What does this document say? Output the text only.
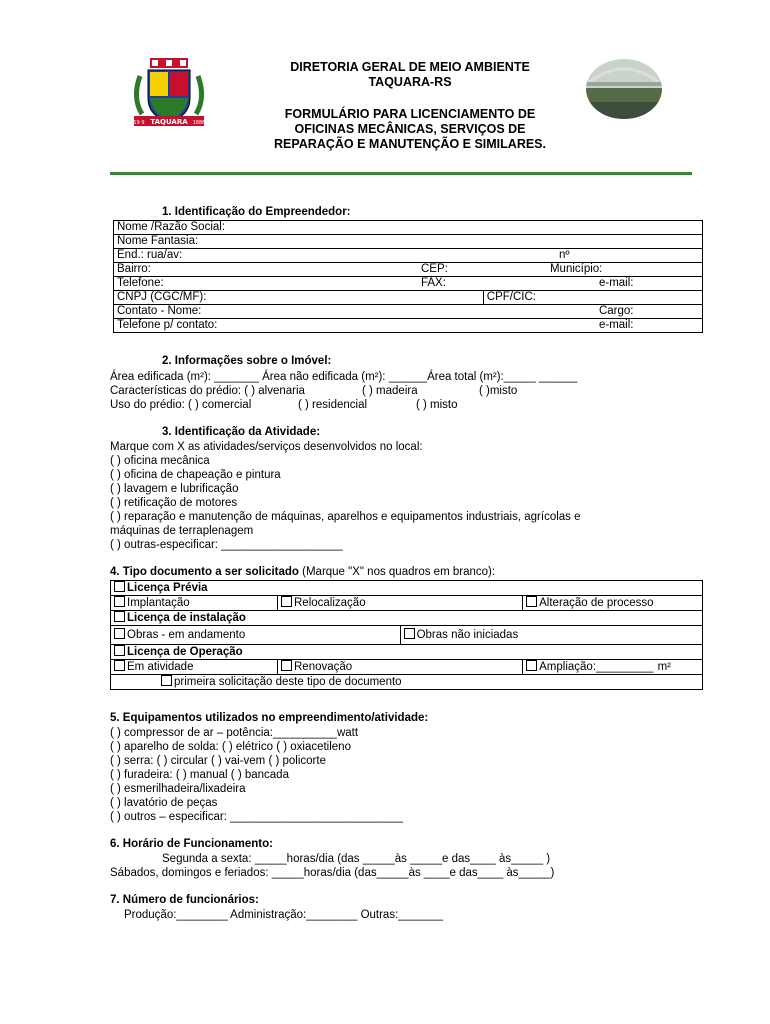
TAQUARA
19 9	1886
DIRETORIA GERAL DE MEIO AMBIENTE
TAQUARA-RS
FORMULÁRIO PARA LICENCIAMENTO DE
OFICINAS MECÂNICAS, SERVIÇOS DE
REPARAÇÃO E MANUTENÇÃO E SIMILARES.
1. Identificação do Empreendedor:
Nome /Razão Social:			
Nome Fantasia:			
End.: rua/av:			nº
Bairro:	CEP:		Município:
Telefone:	FAX:		e-mail:
CNPJ (CGC/MF):		CPF/CIC:	
Contato - Nome:			Cargo:
Telefone p/ contato:			e-mail:
2. Informações sobre o Imóvel:
Área edificada (m²): _______ Área não edificada (m²): ______Área total (m²):_____ ______
Características do prédio: ( ) alvenaria	( ) madeira	( )misto
Uso do prédio: ( ) comercial	( ) residencial	( ) misto
3. Identificação da Atividade:
Marque com X as atividades/serviços desenvolvidos no local:
( ) oficina mecânica
( ) oficina de chapeação e pintura
( ) lavagem e lubrificação
( ) retificação de motores
( ) reparação e manutenção de máquinas, aparelhos e equipamentos industriais, agrícolas e
máquinas de terraplenagem
( ) outras-especificar: ___________________
4. Tipo documento a ser solicitado (Marque "X" nos quadros em branco):
Licença Prévia			
Implantação	Relocalização		Alteração de processo
Licença de instalação			
Obras - em andamento		Obras não iniciadas	
Licença de Operação			
Em atividade	Renovação		Ampliação:_________ m²
primeira solicitação deste tipo de documento			
5. Equipamentos utilizados no empreendimento/atividade:
( ) compressor de ar – potência:__________watt
( ) aparelho de solda: ( ) elétrico ( ) oxiacetileno
( ) serra: ( ) circular ( ) vai-vem ( ) policorte
( ) furadeira: ( ) manual ( ) bancada
( ) esmerilhadeira/lixadeira
( ) lavatório de peças
( ) outros – especificar: ___________________________
6. Horário de Funcionamento:
Segunda a sexta: _____horas/dia (das _____às _____e das____ às_____ )
Sábados, domingos e feriados: _____horas/dia (das_____às ____e das____ às_____)
7. Número de funcionários:
Produção:________ Administração:________ Outras:_______
